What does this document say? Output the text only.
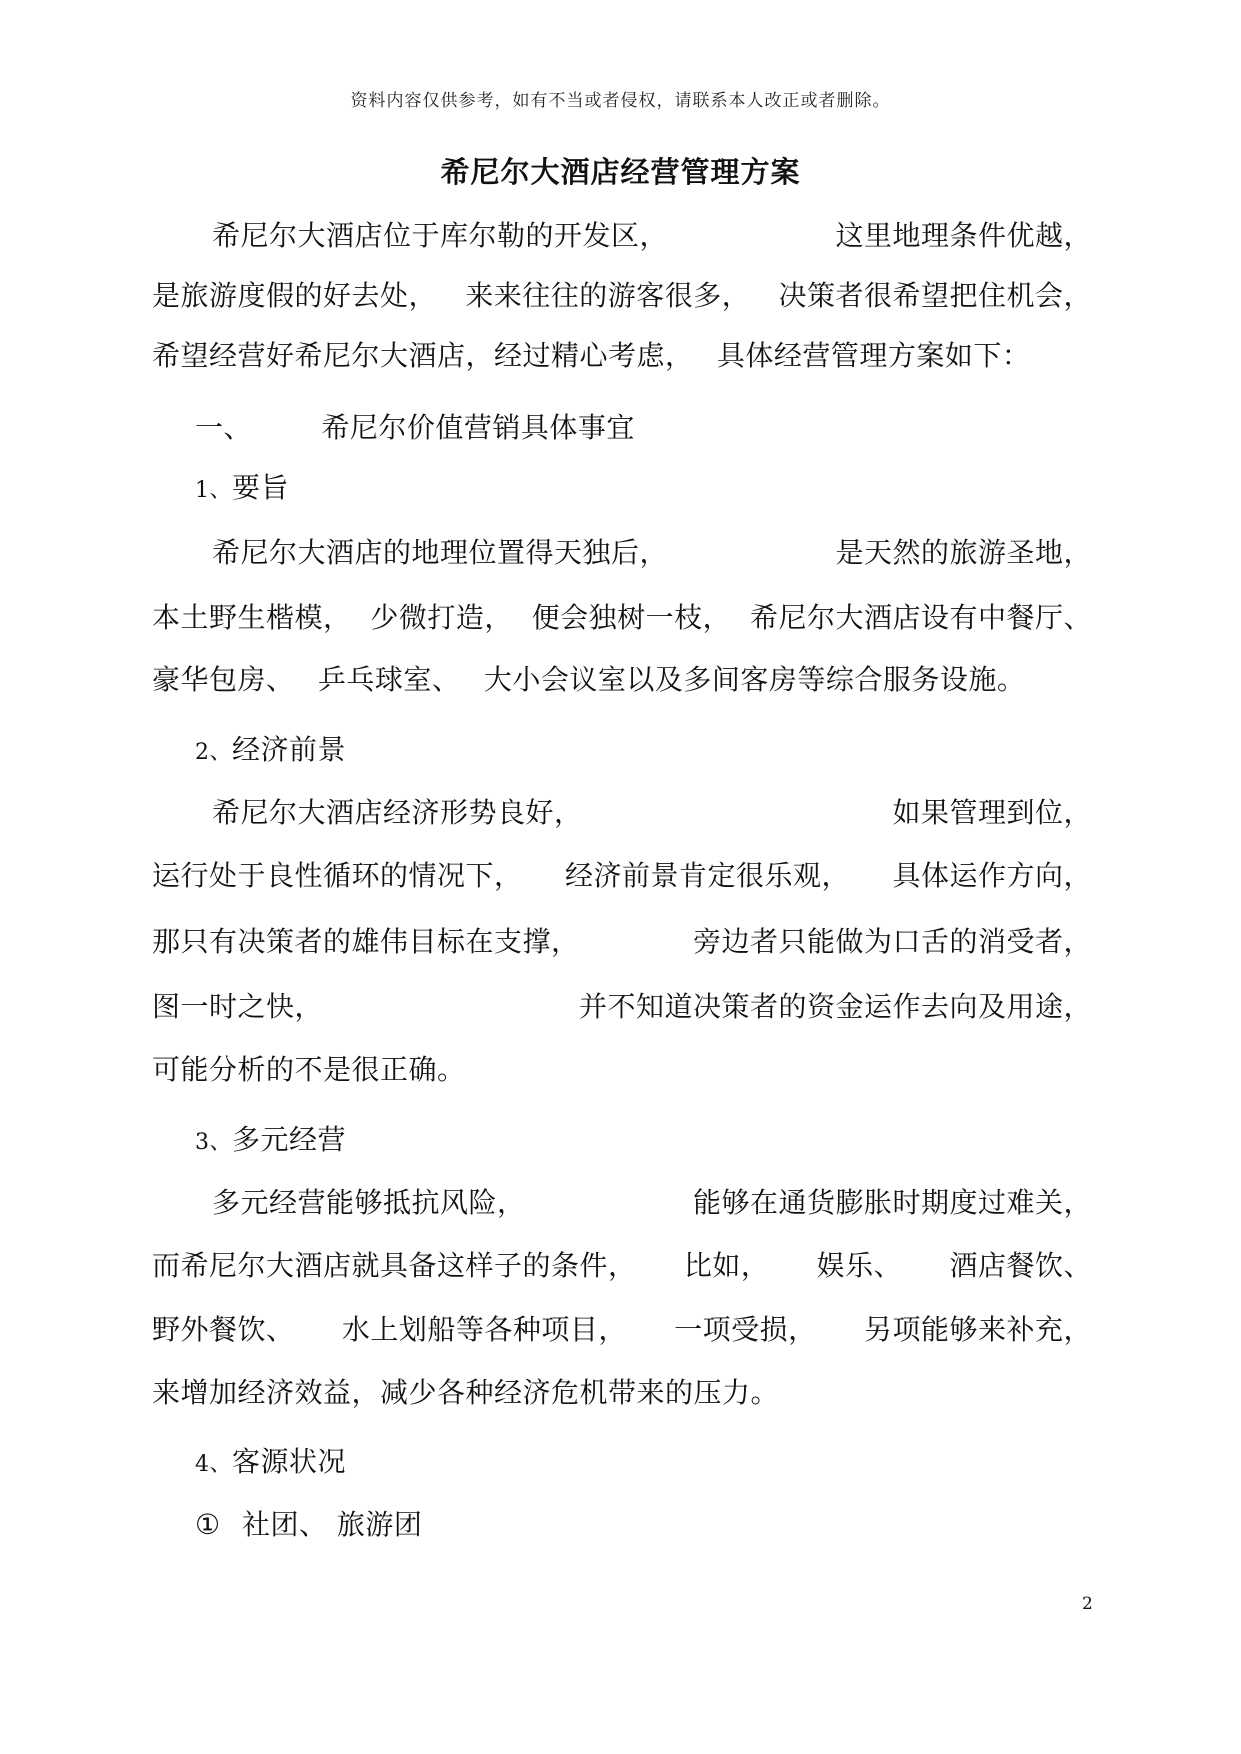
资料内容仅供参考，如有不当或者侵权，请联系本人改正或者删除。
希尼尔大酒店经营管理方案
希尼尔大酒店位于库尔勒的开发区，	这里地理条件优越，
是旅游度假的好去处， 来来往往的游客很多， 决策者很希望把住机会，
希望经营好希尼尔大酒店，经过精心考虑， 具体经营管理方案如下：
一、 希尼尔价值营销具体事宜
1、要旨
希尼尔大酒店的地理位置得天独后，	是天然的旅游圣地，
本土野生楷模， 少微打造， 便会独树一枝， 希尼尔大酒店设有中餐厅、
豪华包房、 乒乓球室、 大小会议室以及多间客房等综合服务设施。
2、经济前景
希尼尔大酒店经济形势良好，	如果管理到位，
运行处于良性循环的情况下， 经济前景肯定很乐观， 具体运作方向，
那只有决策者的雄伟目标在支撑，	旁边者只能做为口舌的消受者，
图一时之快，	并不知道决策者的资金运作去向及用途，
可能分析的不是很正确。
3、多元经营
多元经营能够抵抗风险，	能够在通货膨胀时期度过难关，
而希尼尔大酒店就具备这样子的条件， 比如， 娱乐、 酒店餐饮、
野外餐饮、 水上划船等各种项目， 一项受损， 另项能够来补充，
来增加经济效益，减少各种经济危机带来的压力。
4、客源状况
① 社团、 旅游团
2
